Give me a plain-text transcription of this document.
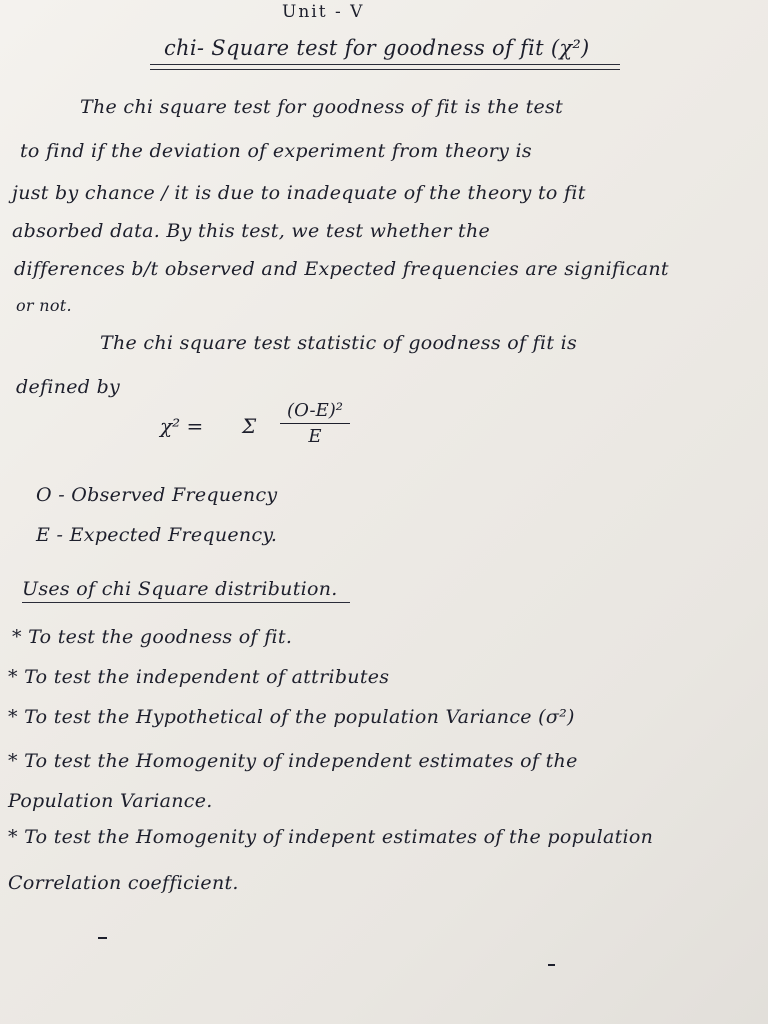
Unit - V
chi- Square test for goodness of fit (χ²)
The chi square test for goodness of fit is the test
to find if the deviation of experiment from theory is
just by chance / it is due to inadequate of the theory to fit
absorbed data. By this test, we test whether the
differences b/t observed and Expected frequencies are significant
or not.
The chi square test statistic of goodness of fit is
defined by
χ² = Σ
(O-E)²
E
O - Observed Frequency
E - Expected Frequency.
Uses of chi Square distribution.
* To test the goodness of fit.
* To test the independent of attributes
* To test the Hypothetical of the population Variance (σ²)
* To test the Homogenity of independent estimates of the
Population Variance.
* To test the Homogenity of indepent estimates of the population
Correlation coefficient.
